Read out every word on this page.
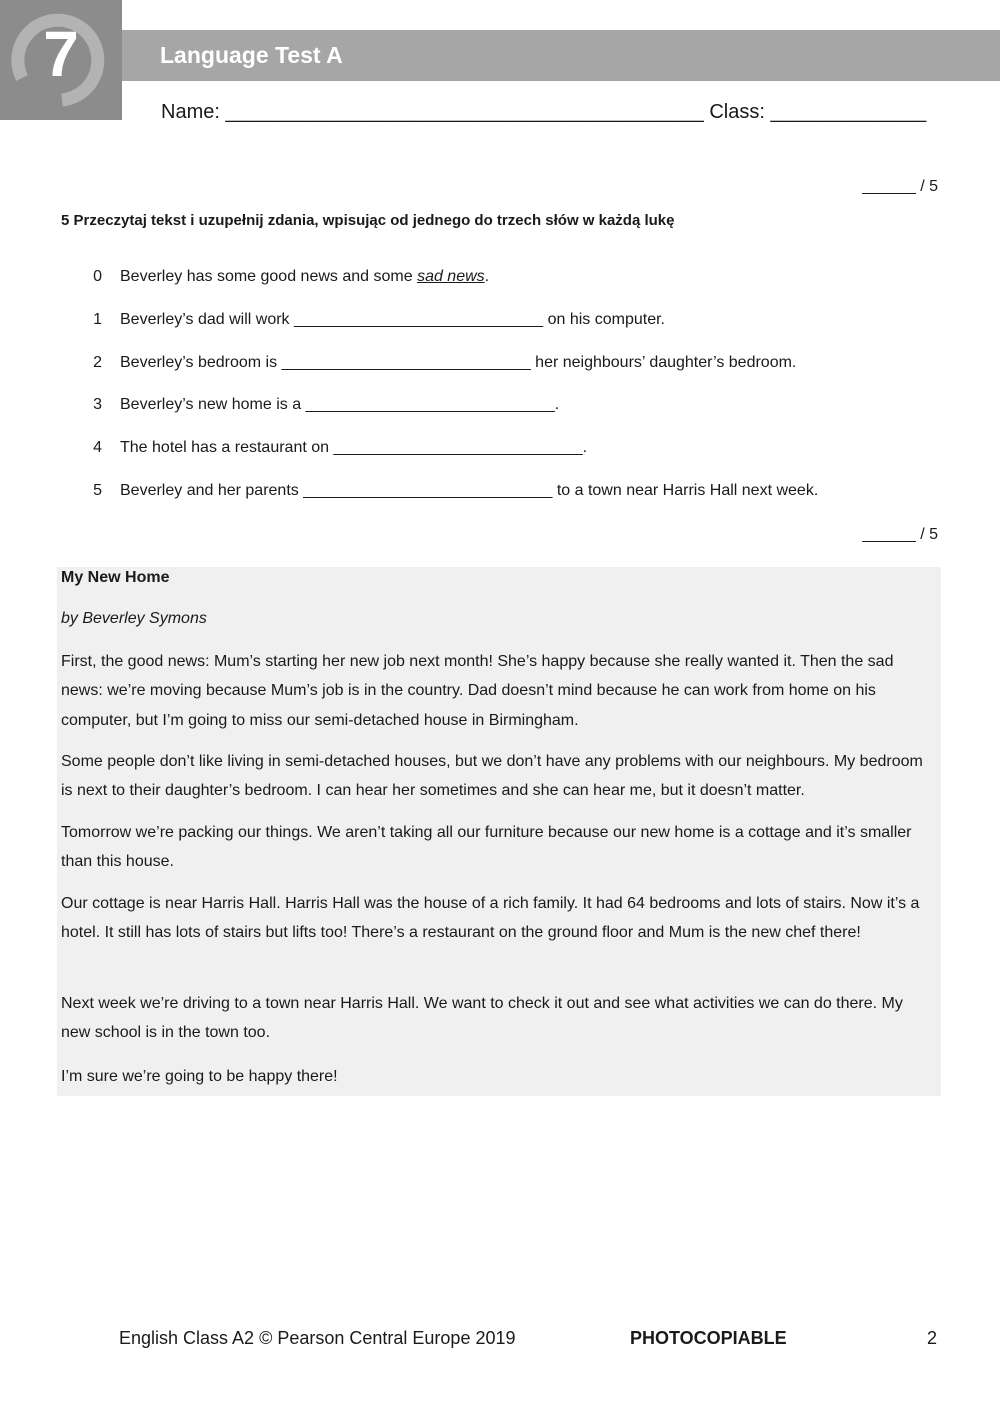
7	Language Test A
Name: ___________________________________________ Class: ______________
______ / 5
5 Przeczytaj tekst i uzupełnij zdania, wpisując od jednego do trzech słów w każdą lukę
0 Beverley has some good news and some sad news.
1 Beverley’s dad will work ____________________________ on his computer.
2 Beverley’s bedroom is ____________________________ her neighbours’ daughter’s bedroom.
3 Beverley’s new home is a ____________________________.
4 The hotel has a restaurant on ____________________________.
5 Beverley and her parents ____________________________ to a town near Harris Hall next week.
______ / 5
My New Home
by Beverley Symons
First, the good news: Mum’s starting her new job next month! She’s happy because she really wanted it. Then the sad news: we’re moving because Mum’s job is in the country. Dad doesn’t mind because he can work from home on his computer, but I’m going to miss our semi-detached house in Birmingham.
Some people don’t like living in semi-detached houses, but we don’t have any problems with our neighbours. My bedroom is next to their daughter’s bedroom. I can hear her sometimes and she can hear me, but it doesn’t matter.
Tomorrow we’re packing our things. We aren’t taking all our furniture because our new home is a cottage and it’s smaller than this house.
Our cottage is near Harris Hall. Harris Hall was the house of a rich family. It had 64 bedrooms and lots of stairs. Now it’s a hotel. It still has lots of stairs but lifts too! There’s a restaurant on the ground floor and Mum is the new chef there!
Next week we’re driving to a town near Harris Hall. We want to check it out and see what activities we can do there. My new school is in the town too.
I’m sure we’re going to be happy there!
English Class A2 © Pearson Central Europe 2019	PHOTOCOPIABLE	2
